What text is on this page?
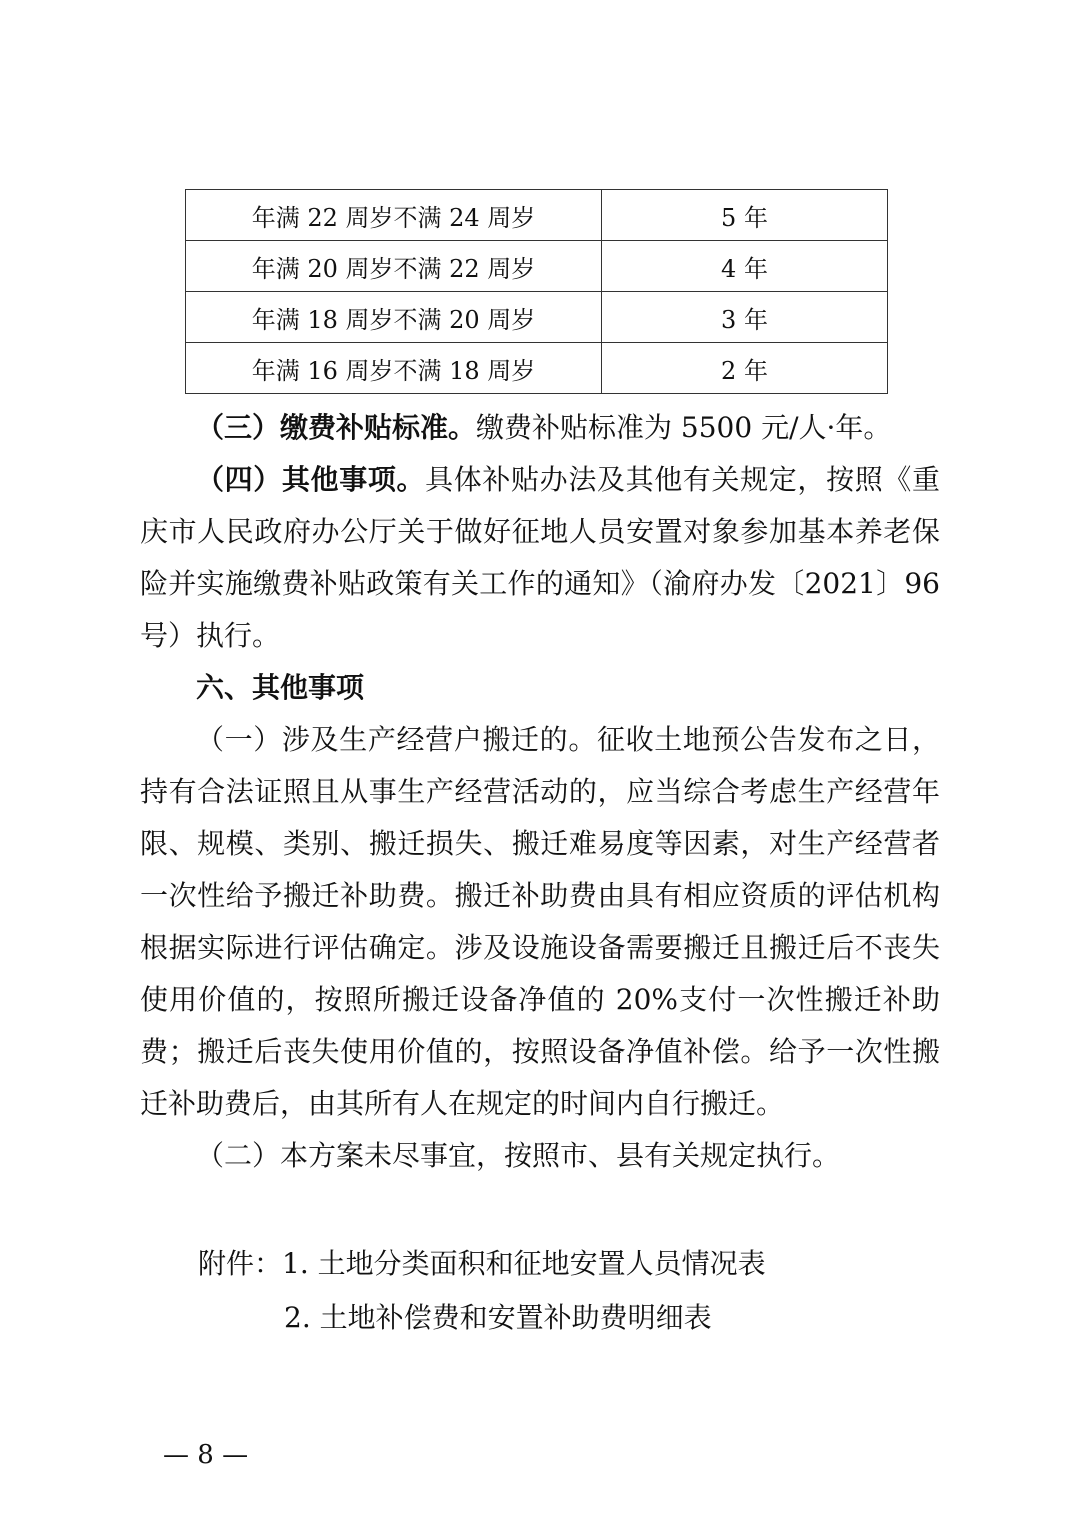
年满 22 周岁不满 24 周岁	5 年
年满 20 周岁不满 22 周岁	4 年
年满 18 周岁不满 20 周岁	3 年
年满 16 周岁不满 18 周岁	2 年

（三）缴费补贴标准。缴费补贴标准为 5500 元/人·年。

（四）其他事项。具体补贴办法及其他有关规定，按照《重庆市人民政府办公厅关于做好征地人员安置对象参加基本养老保险并实施缴费补贴政策有关工作的通知》（渝府办发〔2021〕96 号）执行。

六、其他事项

（一）涉及生产经营户搬迁的。征收土地预公告发布之日，持有合法证照且从事生产经营活动的，应当综合考虑生产经营年限、规模、类别、搬迁损失、搬迁难易度等因素，对生产经营者一次性给予搬迁补助费。搬迁补助费由具有相应资质的评估机构根据实际进行评估确定。涉及设施设备需要搬迁且搬迁后不丧失使用价值的，按照所搬迁设备净值的 20%支付一次性搬迁补助费；搬迁后丧失使用价值的，按照设备净值补偿。给予一次性搬迁补助费后，由其所有人在规定的时间内自行搬迁。

（二）本方案未尽事宜，按照市、县有关规定执行。

附件：1. 土地分类面积和征地安置人员情况表
2. 土地补偿费和安置补助费明细表
— 8 —
